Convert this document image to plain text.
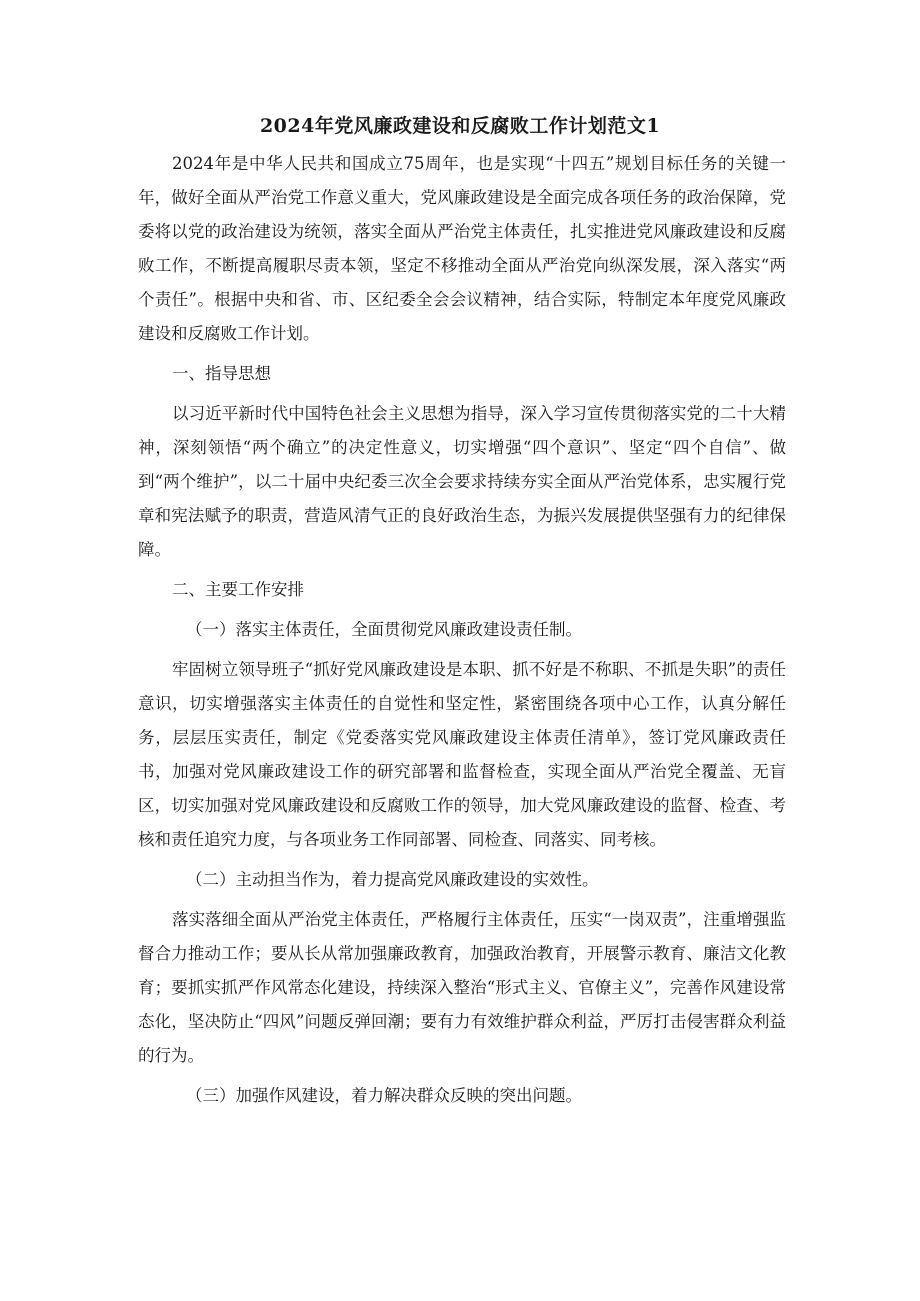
2024年党风廉政建设和反腐败工作计划范文1

2024年是中华人民共和国成立75周年，也是实现“十四五”规划目标任务的关键一年，做好全面从严治党工作意义重大，党风廉政建设是全面完成各项任务的政治保障，党委将以党的政治建设为统领，落实全面从严治党主体责任，扎实推进党风廉政建设和反腐败工作，不断提高履职尽责本领，坚定不移推动全面从严治党向纵深发展，深入落实“两个责任”。根据中央和省、市、区纪委全会会议精神，结合实际，特制定本年度党风廉政建设和反腐败工作计划。

一、指导思想

以习近平新时代中国特色社会主义思想为指导，深入学习宣传贯彻落实党的二十大精神，深刻领悟“两个确立”的决定性意义，切实增强“四个意识”、坚定“四个自信”、做到“两个维护”，以二十届中央纪委三次全会要求持续夯实全面从严治党体系，忠实履行党章和宪法赋予的职责，营造风清气正的良好政治生态，为振兴发展提供坚强有力的纪律保障。

二、主要工作安排

（一）落实主体责任，全面贯彻党风廉政建设责任制。

牢固树立领导班子“抓好党风廉政建设是本职、抓不好是不称职、不抓是失职”的责任意识，切实增强落实主体责任的自觉性和坚定性，紧密围绕各项中心工作，认真分解任务，层层压实责任，制定《党委落实党风廉政建设主体责任清单》，签订党风廉政责任书，加强对党风廉政建设工作的研究部署和监督检查，实现全面从严治党全覆盖、无盲区，切实加强对党风廉政建设和反腐败工作的领导，加大党风廉政建设的监督、检查、考核和责任追究力度，与各项业务工作同部署、同检查、同落实、同考核。

（二）主动担当作为，着力提高党风廉政建设的实效性。

落实落细全面从严治党主体责任，严格履行主体责任，压实“一岗双责”，注重增强监督合力推动工作；要从长从常加强廉政教育，加强政治教育，开展警示教育、廉洁文化教育；要抓实抓严作风常态化建设，持续深入整治“形式主义、官僚主义”，完善作风建设常态化，坚决防止“四风”问题反弹回潮；要有力有效维护群众利益，严厉打击侵害群众利益的行为。

（三）加强作风建设，着力解决群众反映的突出问题。
